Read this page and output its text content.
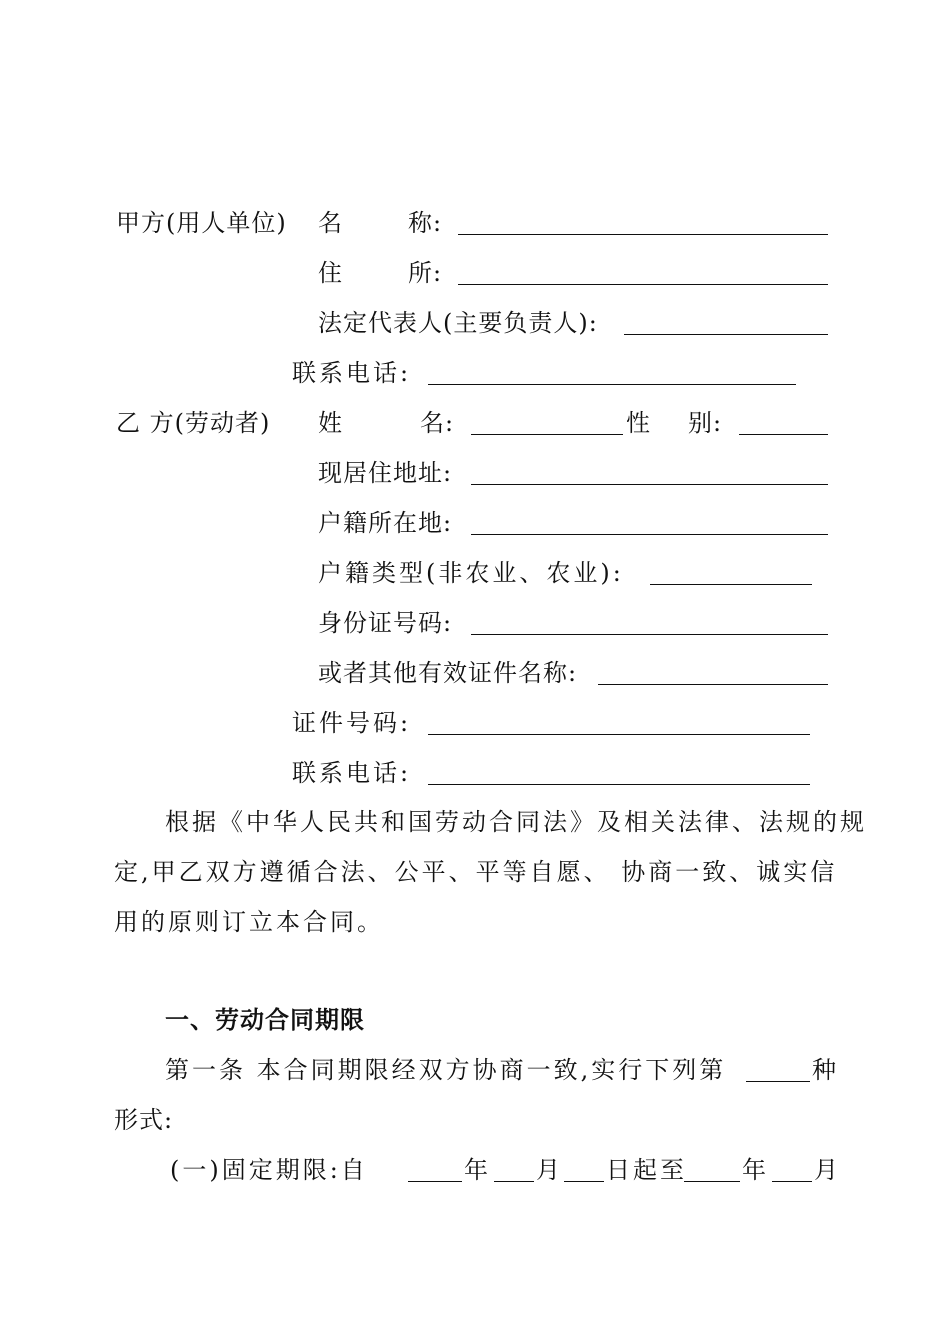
甲方(用人单位) 名	称:
住	所:
法定代表人(主要负责人):
联系电话:
乙 方(劳动者) 姓	名:	性 别:
现居住地址:
户籍所在地:
户籍类型(非农业、农业):
身份证号码:
或者其他有效证件名称:
证件号码:
联系电话:
根据《中华人民共和国劳动合同法》及相关法律、法规的规
定,甲乙双方遵循合法、公平、平等自愿、 协商一致、诚实信
用的原则订立本合同。
一、劳动合同期限
第一条 本合同期限经双方协商一致,实行下列第	种
形式:
(一)固定期限:自	年 月 日起至 年 月
